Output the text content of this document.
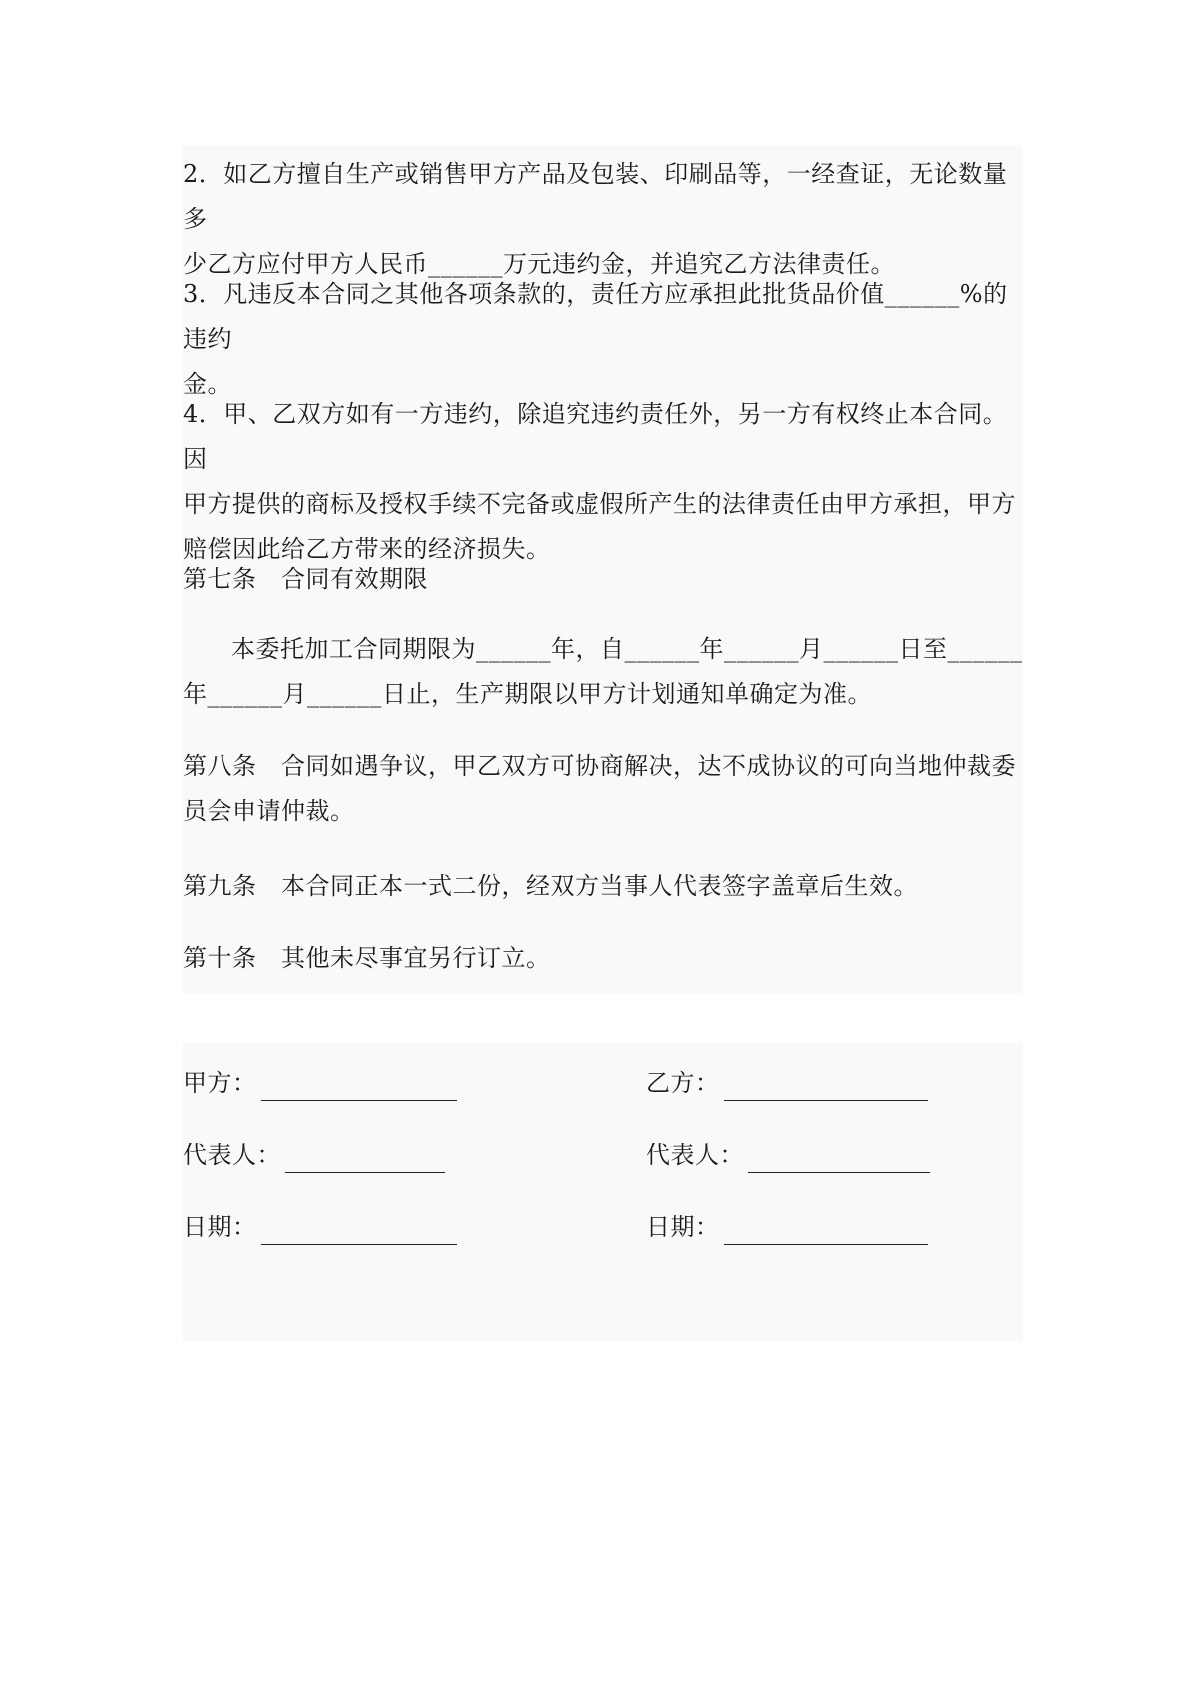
2．如乙方擅自生产或销售甲方产品及包装、印刷品等，一经查证，无论数量多
少乙方应付甲方人民币______万元违约金，并追究乙方法律责任。

3．凡违反本合同之其他各项条款的，责任方应承担此批货品价值______%的违约
金。

4．甲、乙双方如有一方违约，除追究违约责任外，另一方有权终止本合同。因
甲方提供的商标及授权手续不完备或虚假所产生的法律责任由甲方承担，甲方
赔偿因此给乙方带来的经济损失。

第七条　合同有效期限

本委托加工合同期限为______年，自______年______月______日至______
年______月______日止，生产期限以甲方计划通知单确定为准。

第八条　合同如遇争议，甲乙双方可协商解决，达不成协议的可向当地仲裁委
员会申请仲裁。

第九条　本合同正本一式二份，经双方当事人代表签字盖章后生效。

第十条　其他未尽事宜另行订立。

甲方：	乙方：
代表人：	代表人：
日期：	日期：
